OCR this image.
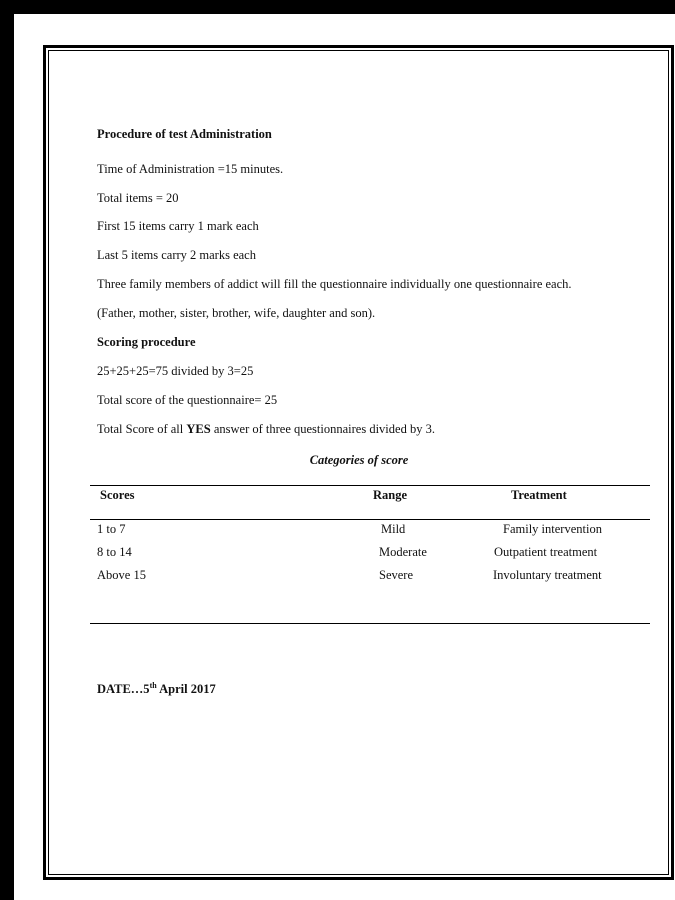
Procedure of test Administration
Time of Administration =15 minutes.
Total items = 20
First 15 items carry 1 mark each
Last 5 items carry 2 marks each
Three family members of addict will fill the questionnaire individually one questionnaire each.
(Father, mother, sister, brother, wife, daughter and son).
Scoring procedure
25+25+25=75 divided by 3=25
Total score of the questionnaire= 25
Total Score of all YES answer of three questionnaires divided by 3.
Categories of score
Scores	Range	Treatment
1 to 7	Mild	Family intervention
8 to 14	Moderate	Outpatient treatment
Above 15	Severe	Involuntary treatment
DATE…5th April 2017
